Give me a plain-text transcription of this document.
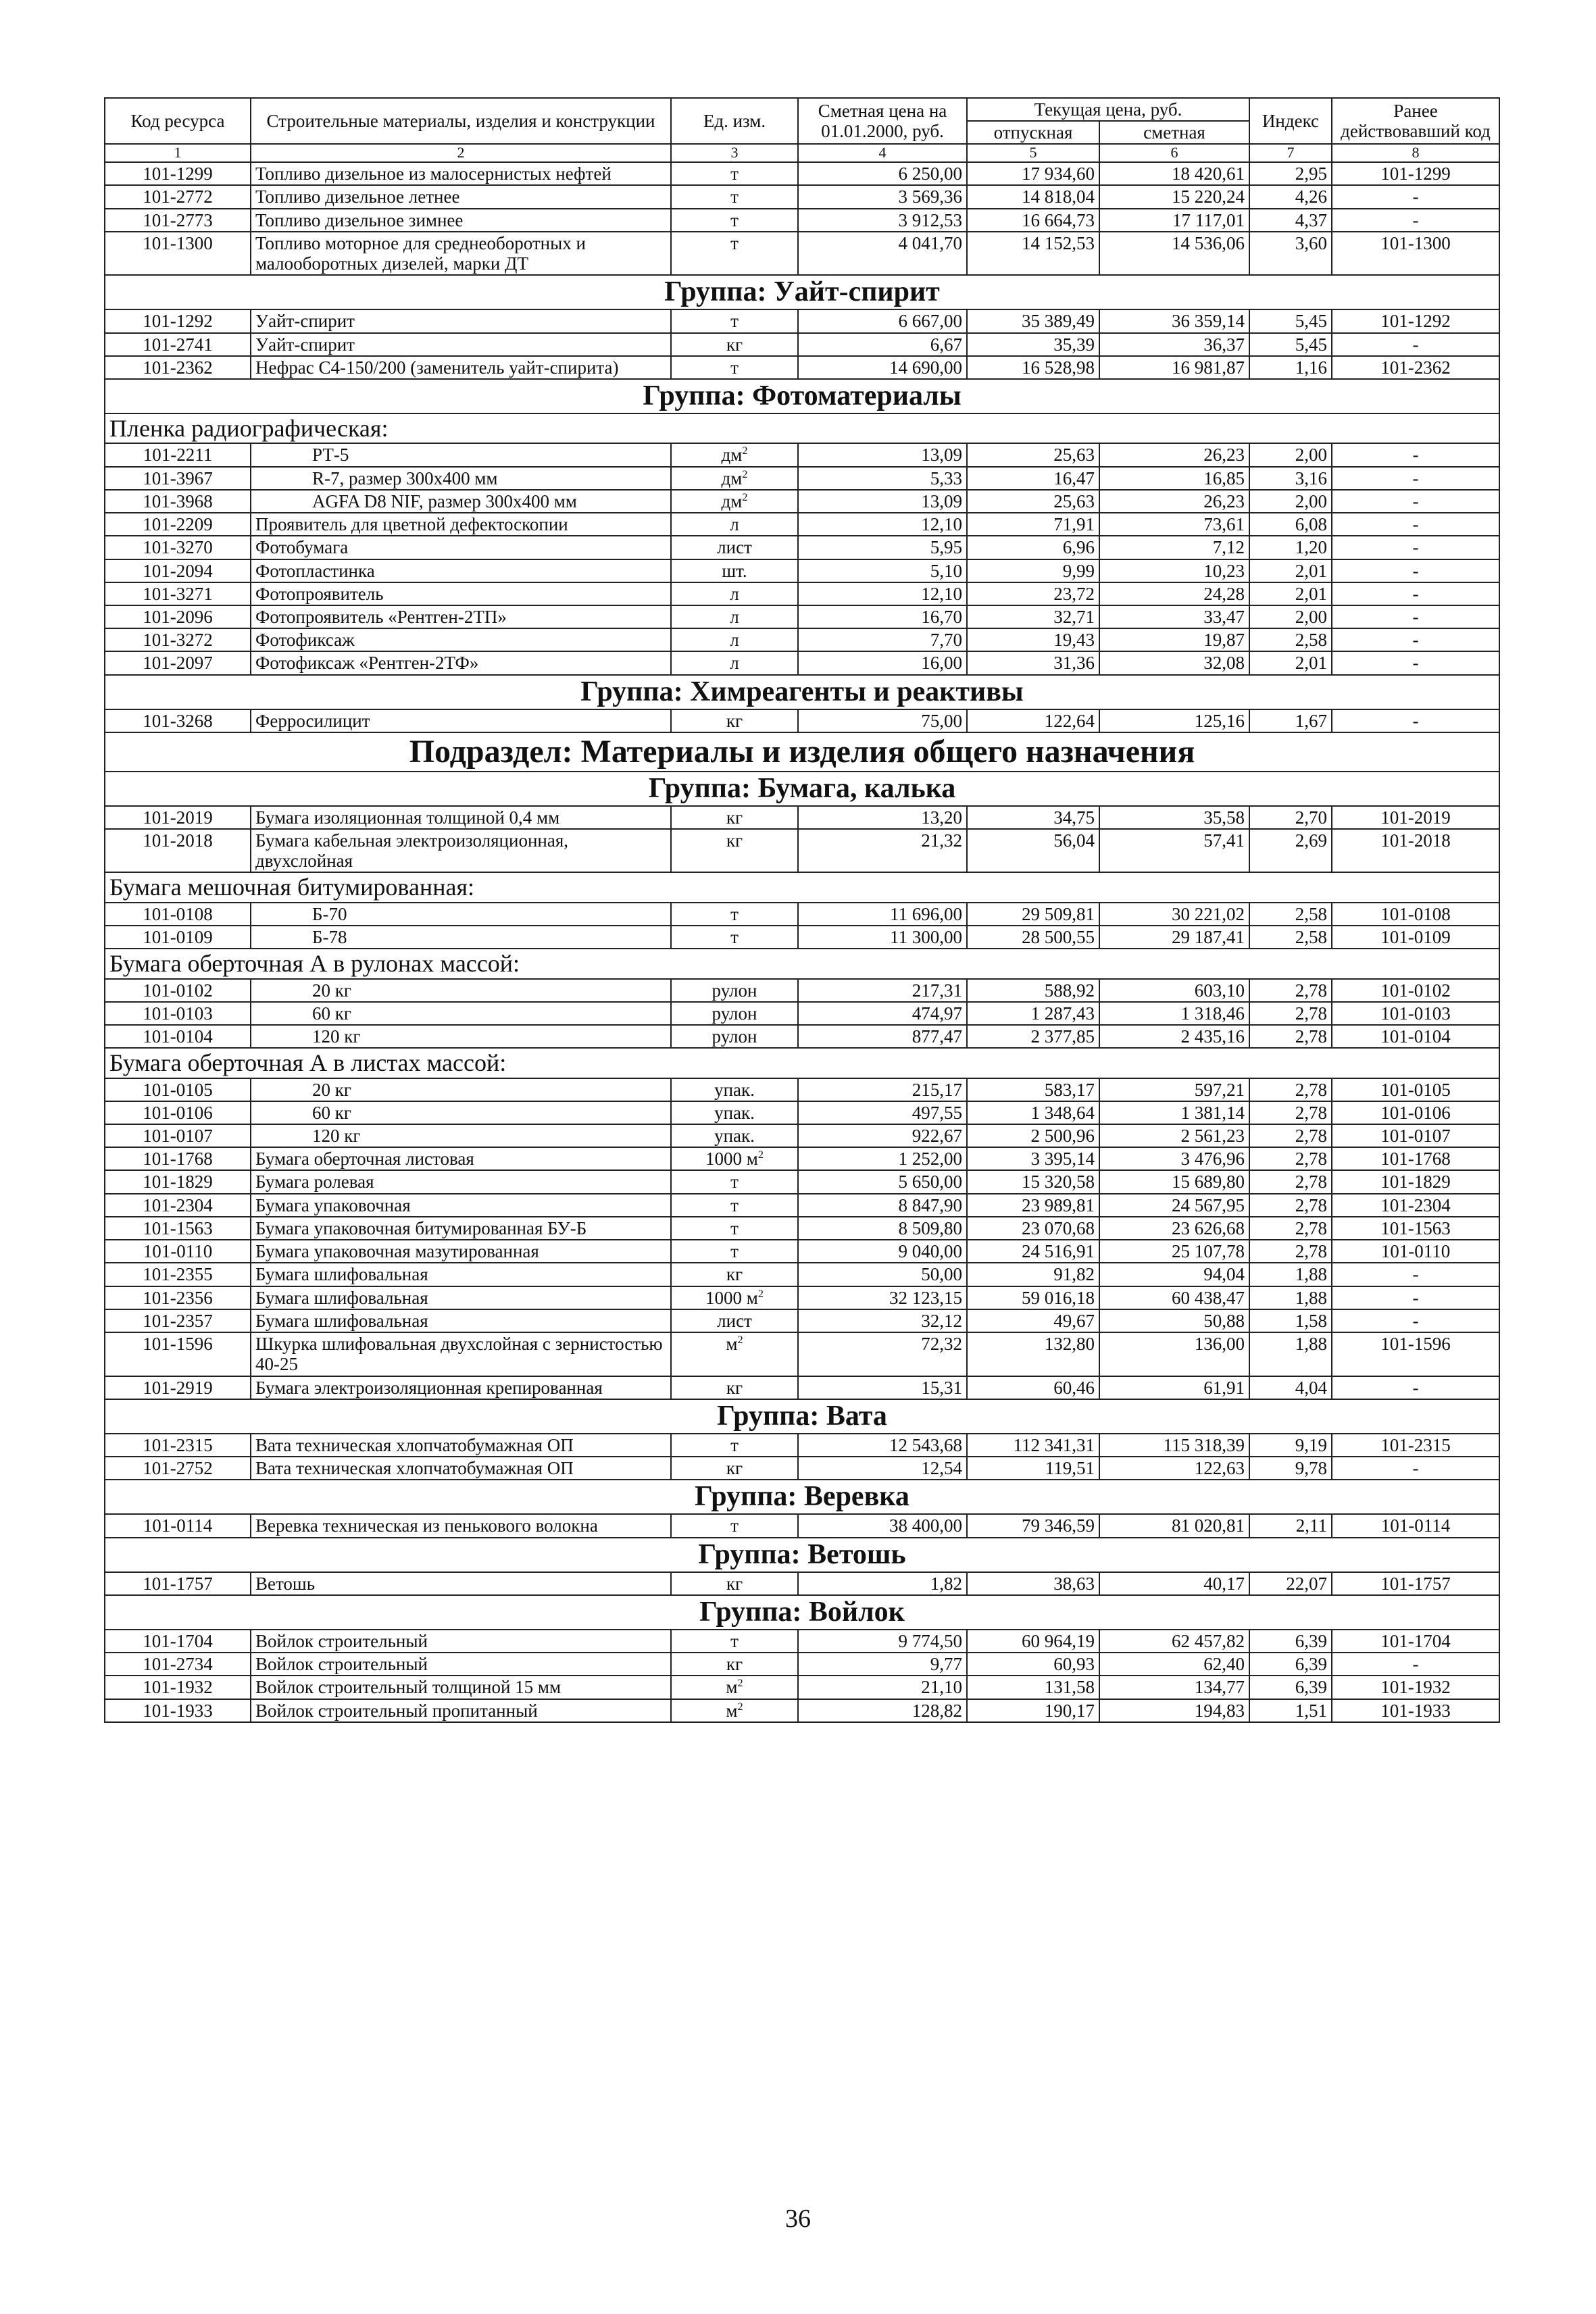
Код ресурса	Строительные материалы, изделия и конструкции	Ед. изм.	Сметная цена на 01.01.2000, руб.	Текущая цена, руб.		Индекс	Ранее действовавший код
				отпускная	сметная		
1	2	3	4	5	6	7	8
101-1299	Топливо дизельное из малосернистых нефтей	т	6 250,00	17 934,60	18 420,61	2,95	101-1299
101-2772	Топливо дизельное летнее	т	3 569,36	14 818,04	15 220,24	4,26	-
101-2773	Топливо дизельное зимнее	т	3 912,53	16 664,73	17 117,01	4,37	-
101-1300	Топливо моторное для среднеоборотных и малооборотных дизелей, марки ДТ	т	4 041,70	14 152,53	14 536,06	3,60	101-1300
Группа: Уайт-спирит							
101-1292	Уайт-спирит	т	6 667,00	35 389,49	36 359,14	5,45	101-1292
101-2741	Уайт-спирит	кг	6,67	35,39	36,37	5,45	-
101-2362	Нефрас С4-150/200 (заменитель уайт-спирита)	т	14 690,00	16 528,98	16 981,87	1,16	101-2362
Группа: Фотоматериалы							
Пленка радиографическая:							
101-2211	РТ-5	$дм^2$	13,09	25,63	26,23	2,00	-
101-3967	R-7, размер 300х400 мм	$дм^2$	5,33	16,47	16,85	3,16	-
101-3968	AGFA D8 NIF, размер 300х400 мм	$дм^2$	13,09	25,63	26,23	2,00	-
101-2209	Проявитель для цветной дефектоскопии	л	12,10	71,91	73,61	6,08	-
101-3270	Фотобумага	лист	5,95	6,96	7,12	1,20	-
101-2094	Фотопластинка	шт.	5,10	9,99	10,23	2,01	-
101-3271	Фотопроявитель	л	12,10	23,72	24,28	2,01	-
101-2096	Фотопроявитель «Рентген-2ТП»	л	16,70	32,71	33,47	2,00	-
101-3272	Фотофиксаж	л	7,70	19,43	19,87	2,58	-
101-2097	Фотофиксаж «Рентген-2ТФ»	л	16,00	31,36	32,08	2,01	-
Группа: Химреагенты и реактивы							
101-3268	Ферросилицит	кг	75,00	122,64	125,16	1,67	-
Подраздел: Материалы и изделия общего назначения							
Группа: Бумага, калька							
101-2019	Бумага изоляционная толщиной 0,4 мм	кг	13,20	34,75	35,58	2,70	101-2019
101-2018	Бумага кабельная электроизоляционная, двухслойная	кг	21,32	56,04	57,41	2,69	101-2018
Бумага мешочная битумированная:							
101-0108	Б-70	т	11 696,00	29 509,81	30 221,02	2,58	101-0108
101-0109	Б-78	т	11 300,00	28 500,55	29 187,41	2,58	101-0109
Бумага оберточная А в рулонах массой:							
101-0102	20 кг	рулон	217,31	588,92	603,10	2,78	101-0102
101-0103	60 кг	рулон	474,97	1 287,43	1 318,46	2,78	101-0103
101-0104	120 кг	рулон	877,47	2 377,85	2 435,16	2,78	101-0104
Бумага оберточная А в листах массой:							
101-0105	20 кг	упак.	215,17	583,17	597,21	2,78	101-0105
101-0106	60 кг	упак.	497,55	1 348,64	1 381,14	2,78	101-0106
101-0107	120 кг	упак.	922,67	2 500,96	2 561,23	2,78	101-0107
101-1768	Бумага оберточная листовая	1000 $м^2$	1 252,00	3 395,14	3 476,96	2,78	101-1768
101-1829	Бумага ролевая	т	5 650,00	15 320,58	15 689,80	2,78	101-1829
101-2304	Бумага упаковочная	т	8 847,90	23 989,81	24 567,95	2,78	101-2304
101-1563	Бумага упаковочная битумированная БУ-Б	т	8 509,80	23 070,68	23 626,68	2,78	101-1563
101-0110	Бумага упаковочная мазутированная	т	9 040,00	24 516,91	25 107,78	2,78	101-0110
101-2355	Бумага шлифовальная	кг	50,00	91,82	94,04	1,88	-
101-2356	Бумага шлифовальная	1000 $м^2$	32 123,15	59 016,18	60 438,47	1,88	-
101-2357	Бумага шлифовальная	лист	32,12	49,67	50,88	1,58	-
101-1596	Шкурка шлифовальная двухслойная с зернистостью 40-25	$м^2$	72,32	132,80	136,00	1,88	101-1596
101-2919	Бумага электроизоляционная крепированная	кг	15,31	60,46	61,91	4,04	-
Группа: Вата							
101-2315	Вата техническая хлопчатобумажная ОП	т	12 543,68	112 341,31	115 318,39	9,19	101-2315
101-2752	Вата техническая хлопчатобумажная ОП	кг	12,54	119,51	122,63	9,78	-
Группа: Веревка							
101-0114	Веревка техническая из пенькового волокна	т	38 400,00	79 346,59	81 020,81	2,11	101-0114
Группа: Ветошь							
101-1757	Ветошь	кг	1,82	38,63	40,17	22,07	101-1757
Группа: Войлок							
101-1704	Войлок строительный	т	9 774,50	60 964,19	62 457,82	6,39	101-1704
101-2734	Войлок строительный	кг	9,77	60,93	62,40	6,39	-
101-1932	Войлок строительный толщиной 15 мм	$м^2$	21,10	131,58	134,77	6,39	101-1932
101-1933	Войлок строительный пропитанный	$м^2$	128,82	190,17	194,83	1,51	101-1933
36
